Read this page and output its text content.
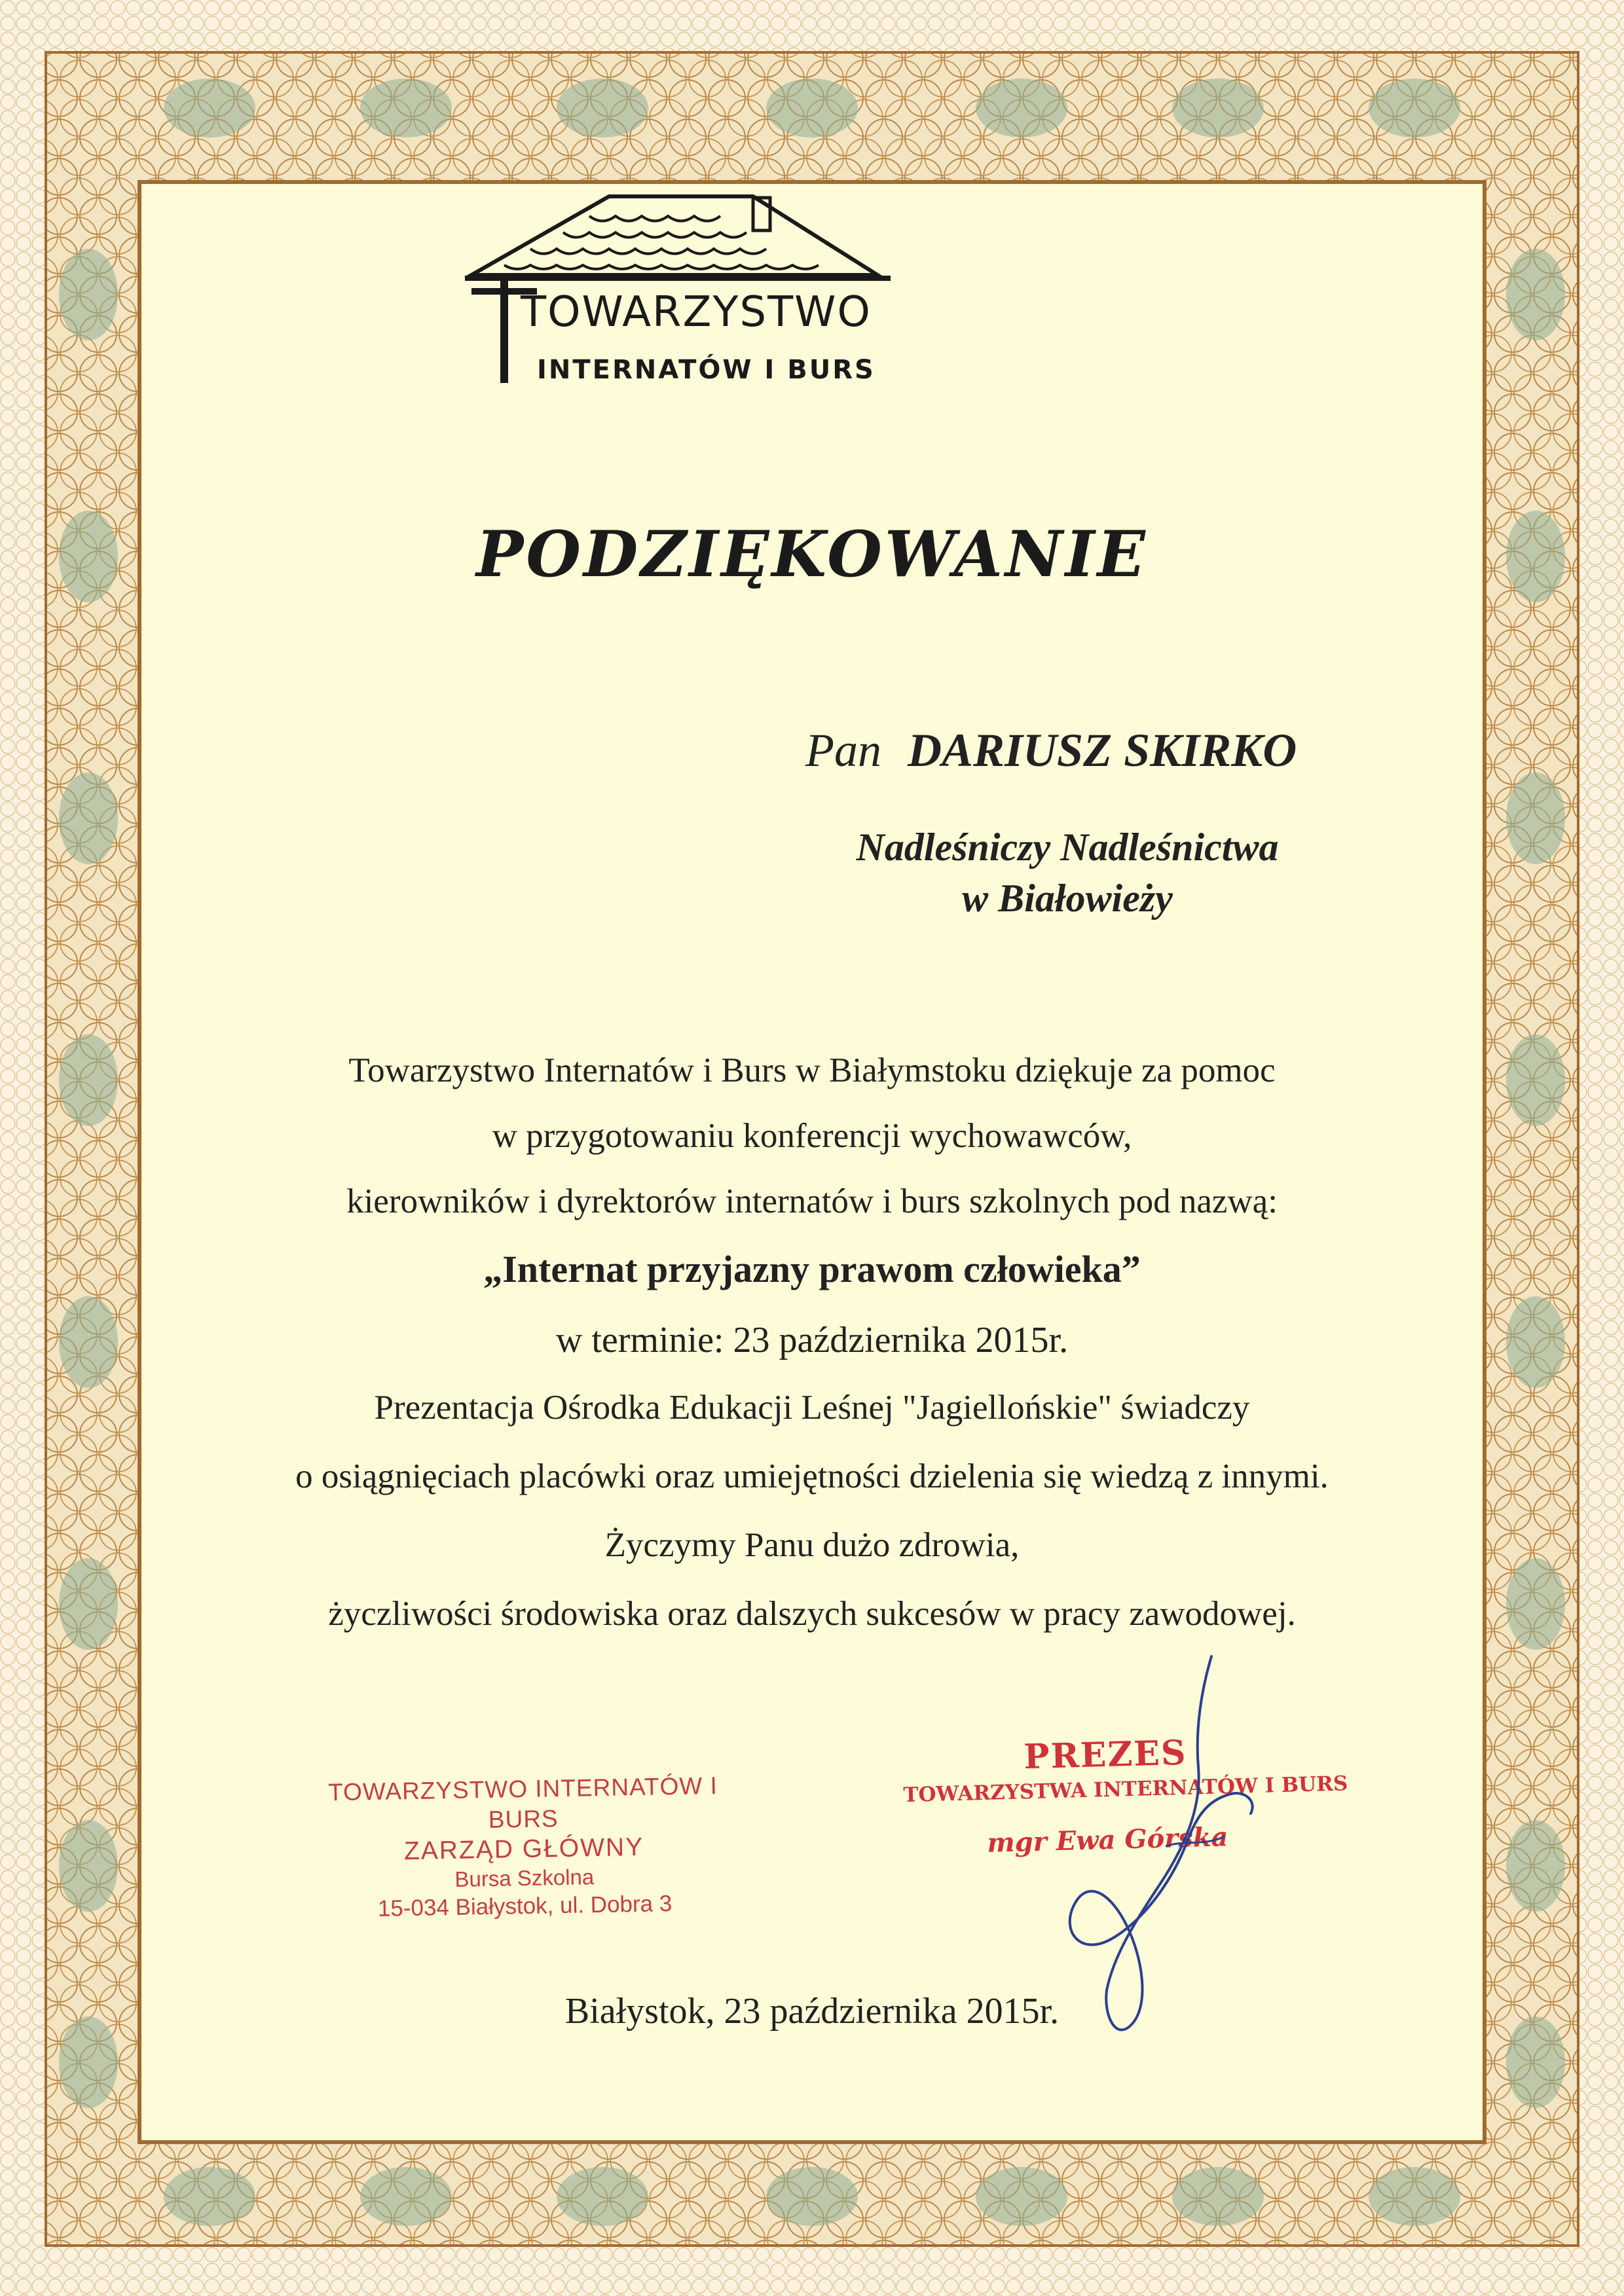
TOWARZYSTWO
INTERNATÓW I BURS
PODZIĘKOWANIE
Pan DARIUSZ SKIRKO
Nadleśniczy Nadleśnictwa
w Białowieży
Towarzystwo Internatów i Burs w Białymstoku dziękuje za pomoc
w przygotowaniu konferencji wychowawców,
kierowników i dyrektorów internatów i burs szkolnych pod nazwą:
„Internat przyjazny prawom człowieka”
w terminie: 23 października 2015r.
Prezentacja Ośrodka Edukacji Leśnej "Jagiellońskie" świadczy
o osiągnięciach placówki oraz umiejętności dzielenia się wiedzą z innymi.
Życzymy Panu dużo zdrowia,
życzliwości środowiska oraz dalszych sukcesów w pracy zawodowej.
TOWARZYSTWO INTERNATÓW I BURS
ZARZĄD GŁÓWNY
Bursa Szkolna
15-034 Białystok, ul. Dobra 3
PREZES
TOWARZYSTWA INTERNATÓW I BURS
mgr Ewa Górska
Białystok, 23 października 2015r.
